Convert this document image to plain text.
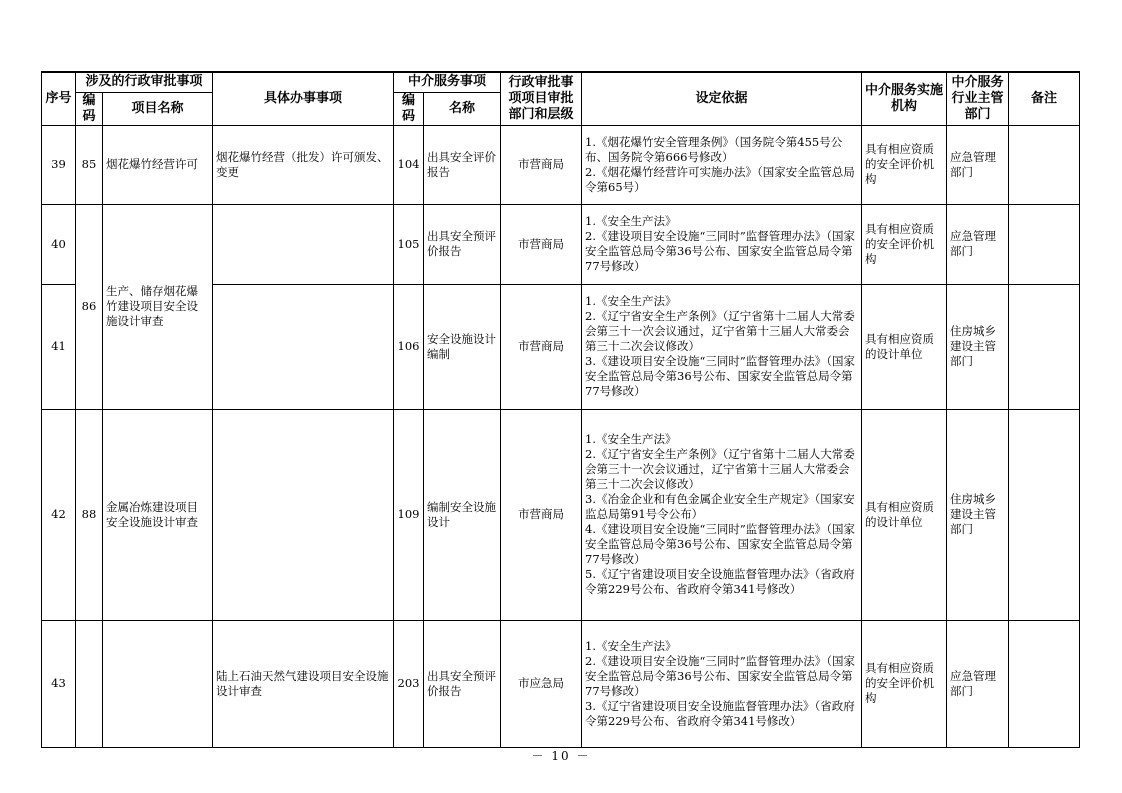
序号	涉及的行政审批事项		具体办事事项	中介服务事项		行政审批事项项目审批部门和层级	设定依据	中介服务实施机构	中介服务行业主管部门	备注
	编码	项目名称		编码	名称					
39	85	烟花爆竹经营许可	烟花爆竹经营（批发）许可颁发、变更	104	出具安全评价报告	市营商局	1.《烟花爆竹安全管理条例》（国务院令第455号公布、国务院令第666号修改）
2.《烟花爆竹经营许可实施办法》（国家安全监管总局令第65号）	具有相应资质的安全评价机构	应急管理部门	
40	86	生产、储存烟花爆竹建设项目安全设施设计审查		105	出具安全预评价报告	市营商局	1.《安全生产法》
2.《建设项目安全设施“三同时”监督管理办法》（国家安全监管总局令第36号公布、国家安全监管总局令第77号修改）	具有相应资质的安全评价机构	应急管理部门	
41				106	安全设施设计编制	市营商局	1.《安全生产法》
2.《辽宁省安全生产条例》（辽宁省第十二届人大常委会第三十一次会议通过，辽宁省第十三届人大常委会第三十二次会议修改）
3.《建设项目安全设施“三同时”监督管理办法》（国家安全监管总局令第36号公布、国家安全监管总局令第77号修改）	具有相应资质的设计单位	住房城乡建设主管部门	
42	88	金属冶炼建设项目安全设施设计审查		109	编制安全设施设计	市营商局	1.《安全生产法》
2.《辽宁省安全生产条例》（辽宁省第十二届人大常委会第三十一次会议通过，辽宁省第十三届人大常委会第三十二次会议修改）
3.《冶金企业和有色金属企业安全生产规定》（国家安监总局第91号令公布）
4.《建设项目安全设施“三同时”监督管理办法》（国家安全监管总局令第36号公布、国家安全监管总局令第77号修改）
5.《辽宁省建设项目安全设施监督管理办法》（省政府令第229号公布、省政府令第341号修改）	具有相应资质的设计单位	住房城乡建设主管部门	
43			陆上石油天然气建设项目安全设施设计审查	203	出具安全预评价报告	市应急局	1.《安全生产法》
2.《建设项目安全设施“三同时”监督管理办法》（国家安全监管总局令第36号公布、国家安全监管总局令第77号修改）
3.《辽宁省建设项目安全设施监督管理办法》（省政府令第229号公布、省政府令第341号修改）	具有相应资质的安全评价机构	应急管理部门	
－ 10 －
